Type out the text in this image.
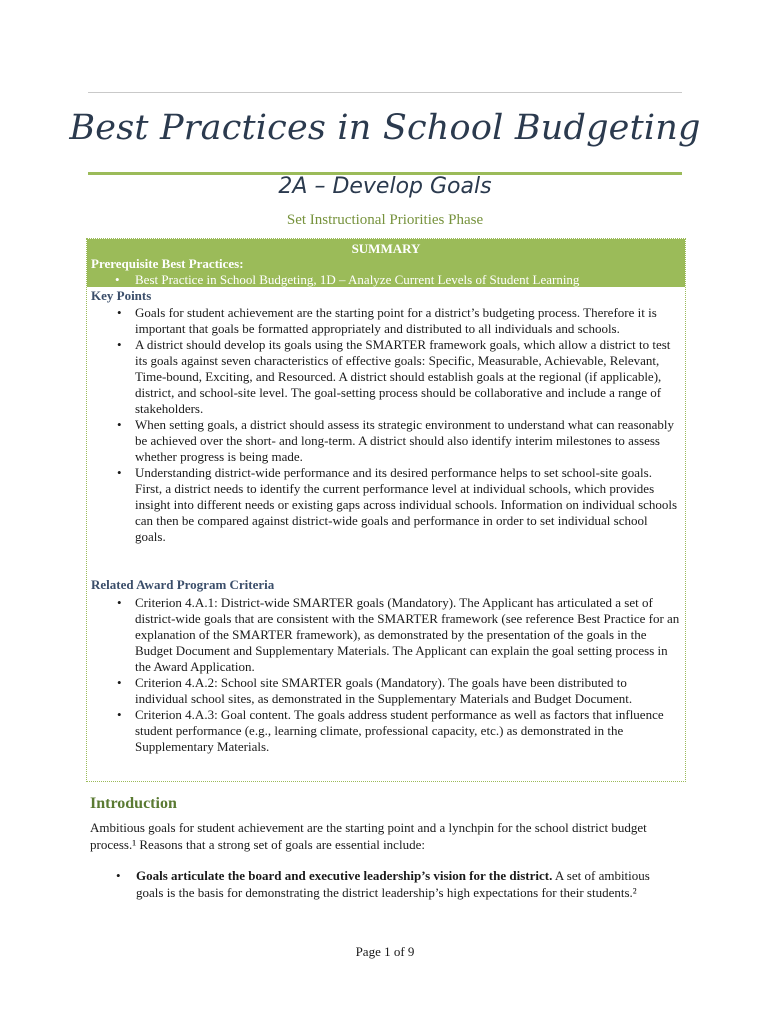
Best Practices in School Budgeting
2A – Develop Goals
Set Instructional Priorities Phase
SUMMARY
Prerequisite Best Practices:
• Best Practice in School Budgeting, 1D – Analyze Current Levels of Student Learning
Key Points
• Goals for student achievement are the starting point for a district’s budgeting process. Therefore it is important that goals be formatted appropriately and distributed to all individuals and schools.
• A district should develop its goals using the SMARTER framework goals, which allow a district to test its goals against seven characteristics of effective goals: Specific, Measurable, Achievable, Relevant, Time-bound, Exciting, and Resourced. A district should establish goals at the regional (if applicable), district, and school-site level. The goal-setting process should be collaborative and include a range of stakeholders.
• When setting goals, a district should assess its strategic environment to understand what can reasonably be achieved over the short- and long-term. A district should also identify interim milestones to assess whether progress is being made.
• Understanding district-wide performance and its desired performance helps to set school-site goals. First, a district needs to identify the current performance level at individual schools, which provides insight into different needs or existing gaps across individual schools. Information on individual schools can then be compared against district-wide goals and performance in order to set individual school goals.
Related Award Program Criteria
• Criterion 4.A.1: District-wide SMARTER goals (Mandatory). The Applicant has articulated a set of district-wide goals that are consistent with the SMARTER framework (see reference Best Practice for an explanation of the SMARTER framework), as demonstrated by the presentation of the goals in the Budget Document and Supplementary Materials. The Applicant can explain the goal setting process in the Award Application.
• Criterion 4.A.2: School site SMARTER goals (Mandatory). The goals have been distributed to individual school sites, as demonstrated in the Supplementary Materials and Budget Document.
• Criterion 4.A.3: Goal content. The goals address student performance as well as factors that influence student performance (e.g., learning climate, professional capacity, etc.) as demonstrated in the Supplementary Materials.
Introduction

Ambitious goals for student achievement are the starting point and a lynchpin for the school district budget process.¹ Reasons that a strong set of goals are essential include:

• Goals articulate the board and executive leadership’s vision for the district. A set of ambitious goals is the basis for demonstrating the district leadership’s high expectations for their students.²
Page 1 of 9
